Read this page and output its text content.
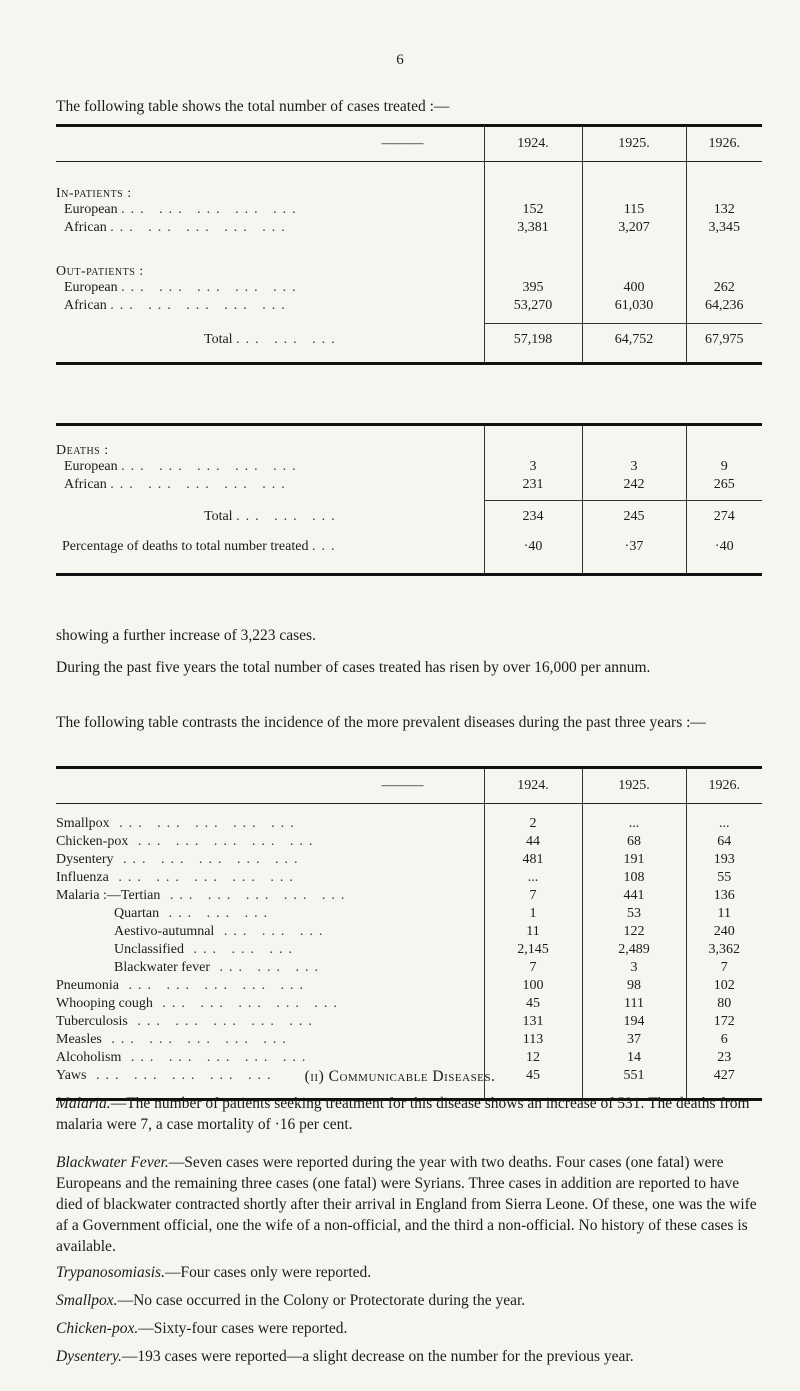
6
The following table shows the total number of cases treated :—
———	1924.	1925.	1926.
In-patients :			
European ... ... ... ... ...	152	115	132
African ... ... ... ... ...	3,381	3,207	3,345
Out-patients :			
European ... ... ... ... ...	395	400	262
African ... ... ... ... ...	53,270	61,030	64,236
Total ... ... ...	57,198	64,752	67,975
Deaths :			
European ... ... ... ... ...	3	3	9
African ... ... ... ... ...	231	242	265
Total ... ... ...	234	245	274
Percentage of deaths to total number treated ...	·40	·37	·40
showing a further increase of 3,223 cases.
During the past five years the total number of cases treated has risen by over 16,000 per annum.
The following table contrasts the incidence of the more prevalent diseases during the past three years :—
———	1924.	1925.	1926.
Smallpox ... ... ... ... ...	2	...	...
Chicken-pox ... ... ... ... ...	44	68	64
Dysentery ... ... ... ... ...	481	191	193
Influenza ... ... ... ... ...	...	108	55
Malaria :—Tertian ... ... ... ... ...	7	441	136
Quartan ... ... ...	1	53	11
Aestivo-autumnal ... ... ...	11	122	240
Unclassified ... ... ...	2,145	2,489	3,362
Blackwater fever ... ... ...	7	3	7
Pneumonia ... ... ... ... ...	100	98	102
Whooping cough ... ... ... ... ...	45	111	80
Tuberculosis ... ... ... ... ...	131	194	172
Measles ... ... ... ... ...	113	37	6
Alcoholism ... ... ... ... ...	12	14	23
Yaws ... ... ... ... ...	45	551	427

(ii) Communicable Diseases.
Malaria.—The number of patients seeking treatment for this disease shows an increase of 531. The deaths from malaria were 7, a case mortality of ·16 per cent.
Blackwater Fever.—Seven cases were reported during the year with two deaths. Four cases (one fatal) were Europeans and the remaining three cases (one fatal) were Syrians. Three cases in addition are reported to have died of blackwater contracted shortly after their arrival in England from Sierra Leone. Of these, one was the wife af a Government official, one the wife of a non-official, and the third a non-official. No history of these cases is available.
Trypanosomiasis.—Four cases only were reported.
Smallpox.—No case occurred in the Colony or Protectorate during the year.
Chicken-pox.—Sixty-four cases were reported.
Dysentery.—193 cases were reported—a slight decrease on the number for the previous year.
